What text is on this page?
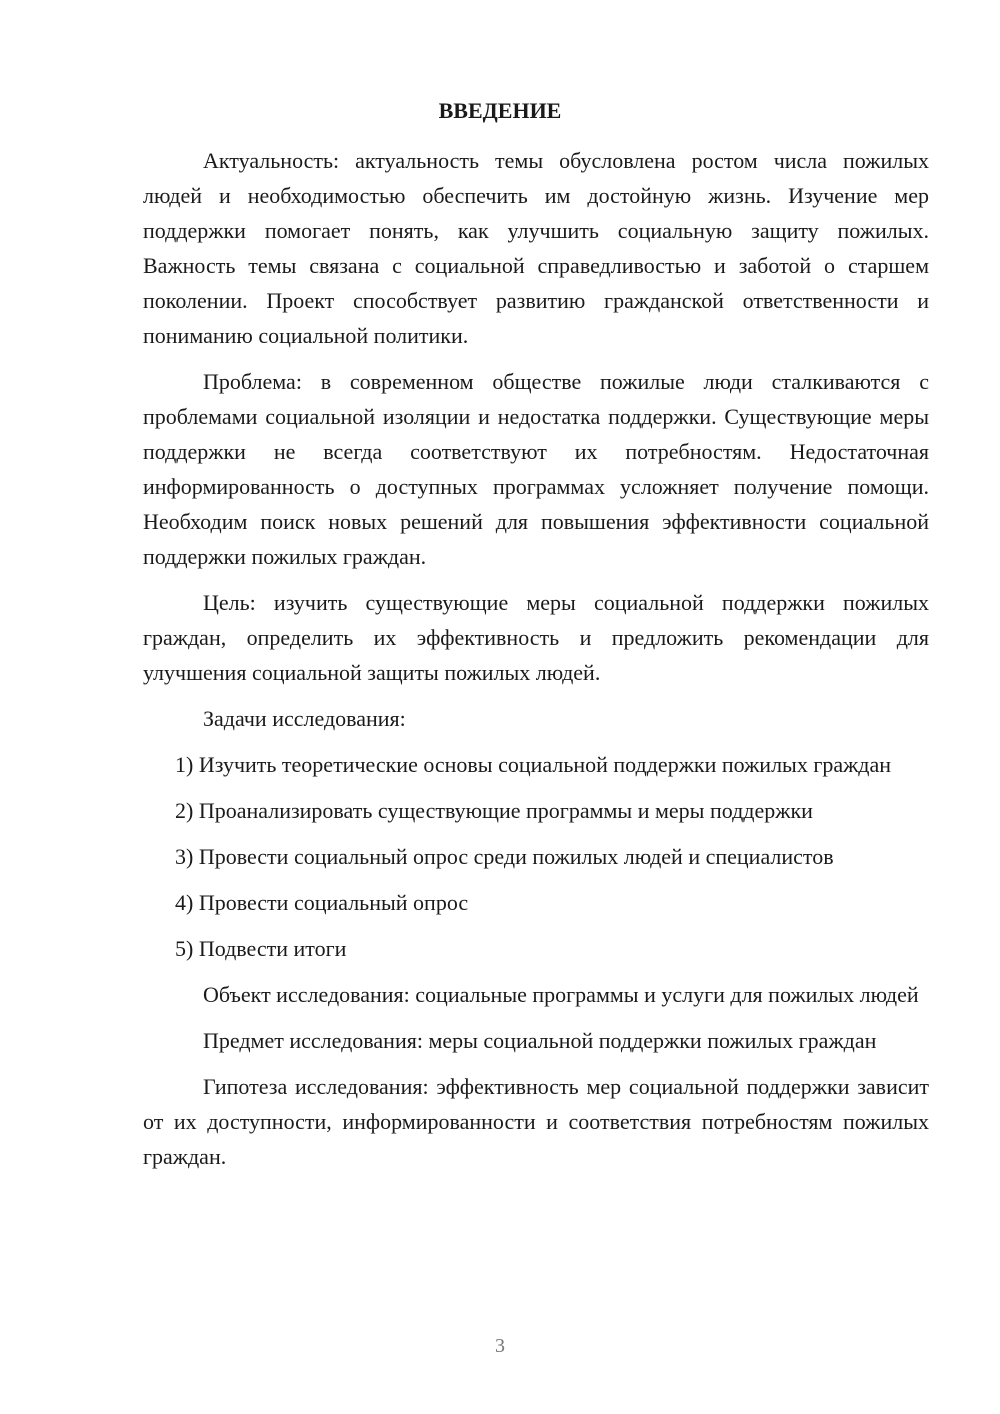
ВВЕДЕНИЕ

Актуальность: актуальность темы обусловлена ростом числа пожилых людей и необходимостью обеспечить им достойную жизнь. Изучение мер поддержки помогает понять, как улучшить социальную защиту пожилых. Важность темы связана с социальной справедливостью и заботой о старшем поколении. Проект способствует развитию гражданской ответственности и пониманию социальной политики.

Проблема: в современном обществе пожилые люди сталкиваются с проблемами социальной изоляции и недостатка поддержки. Существующие меры поддержки не всегда соответствуют их потребностям. Недостаточная информированность о доступных программах усложняет получение помощи. Необходим поиск новых решений для повышения эффективности социальной поддержки пожилых граждан.

Цель: изучить существующие меры социальной поддержки пожилых граждан, определить их эффективность и предложить рекомендации для улучшения социальной защиты пожилых людей.

Задачи исследования:

1) Изучить теоретические основы социальной поддержки пожилых граждан

2) Проанализировать существующие программы и меры поддержки

3) Провести социальный опрос среди пожилых людей и специалистов

4) Провести социальный опрос

5) Подвести итоги

Объект исследования: социальные программы и услуги для пожилых людей

Предмет исследования: меры социальной поддержки пожилых граждан

Гипотеза исследования: эффективность мер социальной поддержки зависит от их доступности, информированности и соответствия потребностям пожилых граждан.

3
